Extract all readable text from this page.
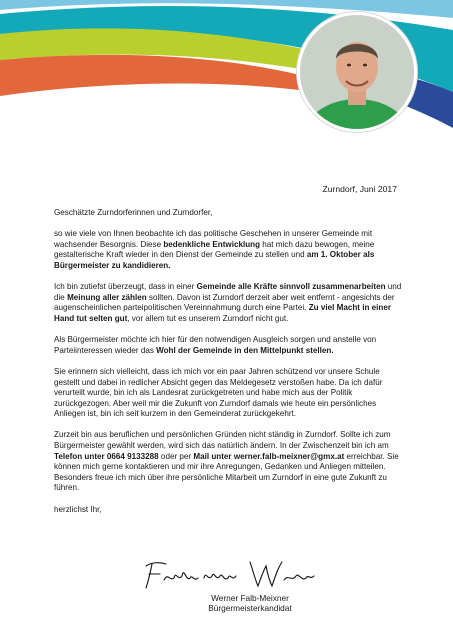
Zurndorf, Juni 2017

Geschätzte Zurndorferinnen und Zurndorfer,

so wie viele von Ihnen beobachte ich das politische Geschehen in unserer Gemeinde mit wachsender Besorgnis. Diese bedenkliche Entwicklung hat mich dazu bewogen, meine gestalterische Kraft wieder in den Dienst der Gemeinde zu stellen und am 1. Oktober als Bürgermeister zu kandidieren.

Ich bin zutiefst überzeugt, dass in einer Gemeinde alle Kräfte sinnvoll zusammenarbeiten und die Meinung aller zählen sollten. Davon ist Zurndorf derzeit aber weit entfernt - angesichts der augenscheinlichen parteipolitischen Vereinnahmung durch eine Partei. Zu viel Macht in einer Hand tut selten gut, vor allem tut es unserem Zurndorf nicht gut.

Als Bürgermeister möchte ich hier für den notwendigen Ausgleich sorgen und anstelle von Parteiinteressen wieder das Wohl der Gemeinde in den Mittelpunkt stellen.

Sie erinnern sich vielleicht, dass ich mich vor ein paar Jahren schützend vor unsere Schule gestellt und dabei in redlicher Absicht gegen das Meldegesetz verstoßen habe. Da ich dafür verurteilt wurde, bin ich als Landesrat zurückgetreten und habe mich aus der Politik zurückgezogen. Aber weil mir die Zukunft von Zurndorf damals wie heute ein persönliches Anliegen ist, bin ich seit kurzem in den Gemeinderat zurückgekehrt.

Zurzeit bin aus beruflichen und persönlichen Gründen nicht ständig in Zurndorf. Sollte ich zum Bürgermeister gewählt werden, wird sich das natürlich ändern. In der Zwischenzeit bin ich am Telefon unter 0664 9133288 oder per Mail unter werner.falb-meixner@gmx.at erreichbar. Sie können mich gerne kontaktieren und mir ihre Anregungen, Gedanken und Anliegen mitteilen. Besonders freue ich mich über ihre persönliche Mitarbeit um Zurndorf in eine gute Zukunft zu führen.

herzlichst Ihr,

Werner Falb-Meixner
Bürgermeisterkandidat
